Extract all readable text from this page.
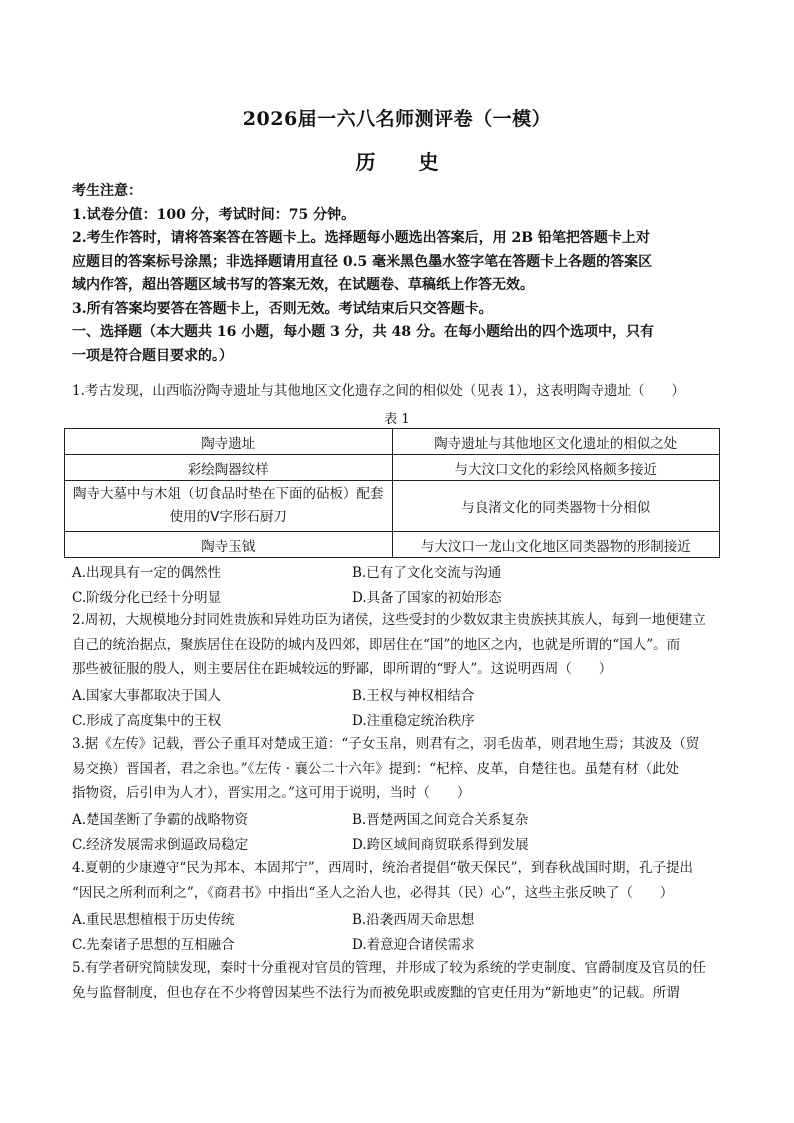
2026届一六八名师测评卷（一模）
历 史
考生注意：
1.试卷分值：100 分，考试时间：75 分钟。
2.考生作答时，请将答案答在答题卡上。选择题每小题选出答案后，用 2B 铅笔把答题卡上对
应题目的答案标号涂黑；非选择题请用直径 0.5 毫米黑色墨水签字笔在答题卡上各题的答案区
域内作答，超出答题区域书写的答案无效，在试题卷、草稿纸上作答无效。
3.所有答案均要答在答题卡上，否则无效。考试结束后只交答题卡。
一、选择题（本大题共 16 小题，每小题 3 分，共 48 分。在每小题给出的四个选项中，只有
一项是符合题目要求的。）

1.考古发现，山西临汾陶寺遗址与其他地区文化遗存之间的相似处（见表 1），这表明陶寺遗址（　　）

表 1
陶寺遗址	陶寺遗址与其他地区文化遗址的相似之处
彩绘陶器纹样	与大汶口文化的彩绘风格颇多接近
陶寺大墓中与木俎（切食品时垫在下面的砧板）配套使用的Ⅴ字形石厨刀	与良渚文化的同类器物十分相似
陶寺玉钺	与大汶口一龙山文化地区同类器物的形制接近
A.出现具有一定的偶然性	B.已有了文化交流与沟通
C.阶级分化已经十分明显	D.具备了国家的初始形态

2.周初，大规模地分封同姓贵族和异姓功臣为诸侯，这些受封的少数奴隶主贵族挟其族人，每到一地便建立

自己的统治据点，聚族居住在设防的城内及四郊，即居住在“国”的地区之内，也就是所谓的“国人”。而

那些被征服的殷人，则主要居住在距城较远的野鄙，即所谓的“野人”。这说明西周（　　）

A.国家大事都取决于国人	B.王权与神权相结合
C.形成了高度集中的王权	D.注重稳定统治秩序

3.据《左传》记载，晋公子重耳对楚成王道：“子女玉帛，则君有之，羽毛齿革，则君地生焉；其波及（贸

易交换）晋国者，君之余也。”《左传 · 襄公二十六年》提到：“杞梓、皮革，自楚往也。虽楚有材（此处

指物资，后引申为人才），晋实用之。”这可用于说明，当时（　　）

A.楚国垄断了争霸的战略物资	B.晋楚两国之间竞合关系复杂
C.经济发展需求倒逼政局稳定	D.跨区域间商贸联系得到发展

4.夏朝的少康遵守“民为邦本、本固邦宁”，西周时，统治者提倡“敬天保民”，到春秋战国时期，孔子提出

“因民之所利而利之”，《商君书》中指出“圣人之治人也，必得其（民）心”，这些主张反映了（　　）

A.重民思想植根于历史传统	B.沿袭西周天命思想
C.先秦诸子思想的互相融合	D.着意迎合诸侯需求

5.有学者研究简牍发现，秦时十分重视对官员的管理，并形成了较为系统的学吏制度、官爵制度及官员的任

免与监督制度，但也存在不少将曾因某些不法行为而被免职或废黜的官吏任用为“新地吏”的记载。所谓
